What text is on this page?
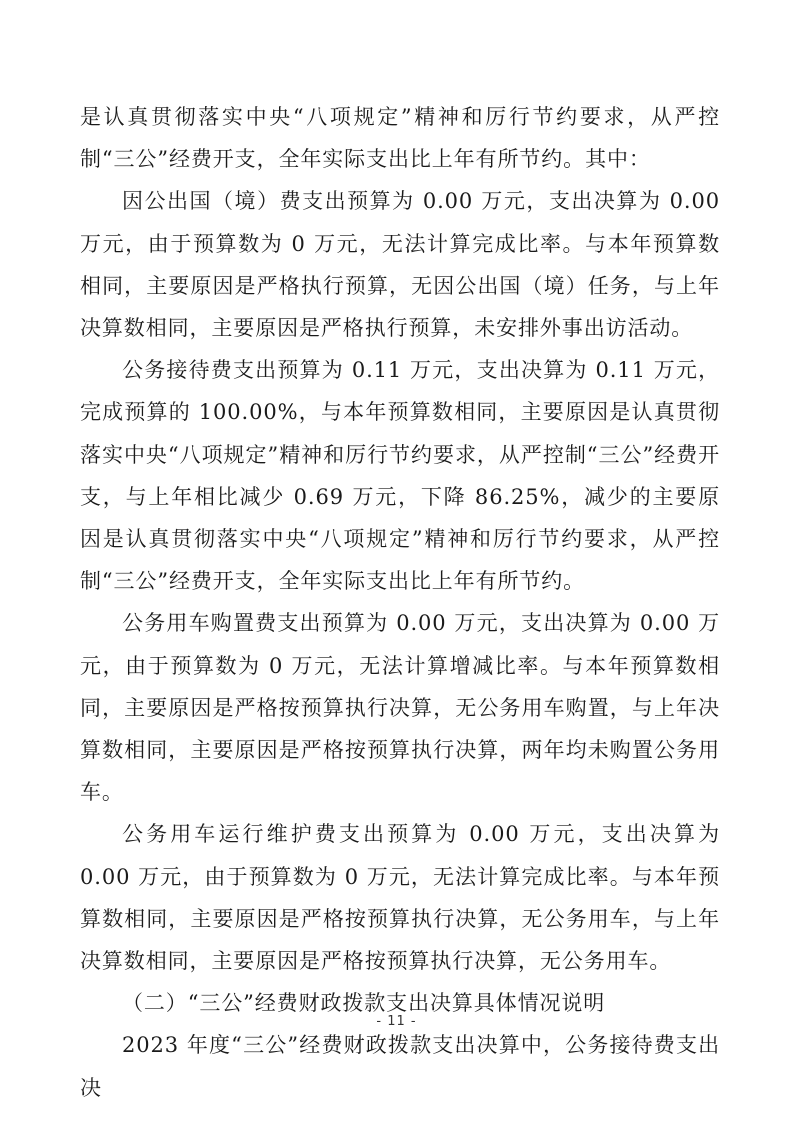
是认真贯彻落实中央“八项规定”精神和厉行节约要求，从严控制“三公”经费开支，全年实际支出比上年有所节约。其中：

因公出国（境）费支出预算为 0.00 万元，支出决算为 0.00 万元，由于预算数为 0 万元，无法计算完成比率。与本年预算数相同，主要原因是严格执行预算，无因公出国（境）任务，与上年决算数相同，主要原因是严格执行预算，未安排外事出访活动。

公务接待费支出预算为 0.11 万元，支出决算为 0.11 万元，完成预算的 100.00%，与本年预算数相同，主要原因是认真贯彻落实中央“八项规定”精神和厉行节约要求，从严控制“三公”经费开支，与上年相比减少 0.69 万元，下降 86.25%，减少的主要原因是认真贯彻落实中央“八项规定”精神和厉行节约要求，从严控制“三公”经费开支，全年实际支出比上年有所节约。

公务用车购置费支出预算为 0.00 万元，支出决算为 0.00 万元，由于预算数为 0 万元，无法计算增减比率。与本年预算数相同，主要原因是严格按预算执行决算，无公务用车购置，与上年决算数相同，主要原因是严格按预算执行决算，两年均未购置公务用车。

公务用车运行维护费支出预算为 0.00 万元，支出决算为 0.00 万元，由于预算数为 0 万元，无法计算完成比率。与本年预算数相同，主要原因是严格按预算执行决算，无公务用车，与上年决算数相同，主要原因是严格按预算执行决算，无公务用车。

（二）“三公”经费财政拨款支出决算具体情况说明

2023 年度“三公”经费财政拨款支出决算中，公务接待费支出决

- 11 -
